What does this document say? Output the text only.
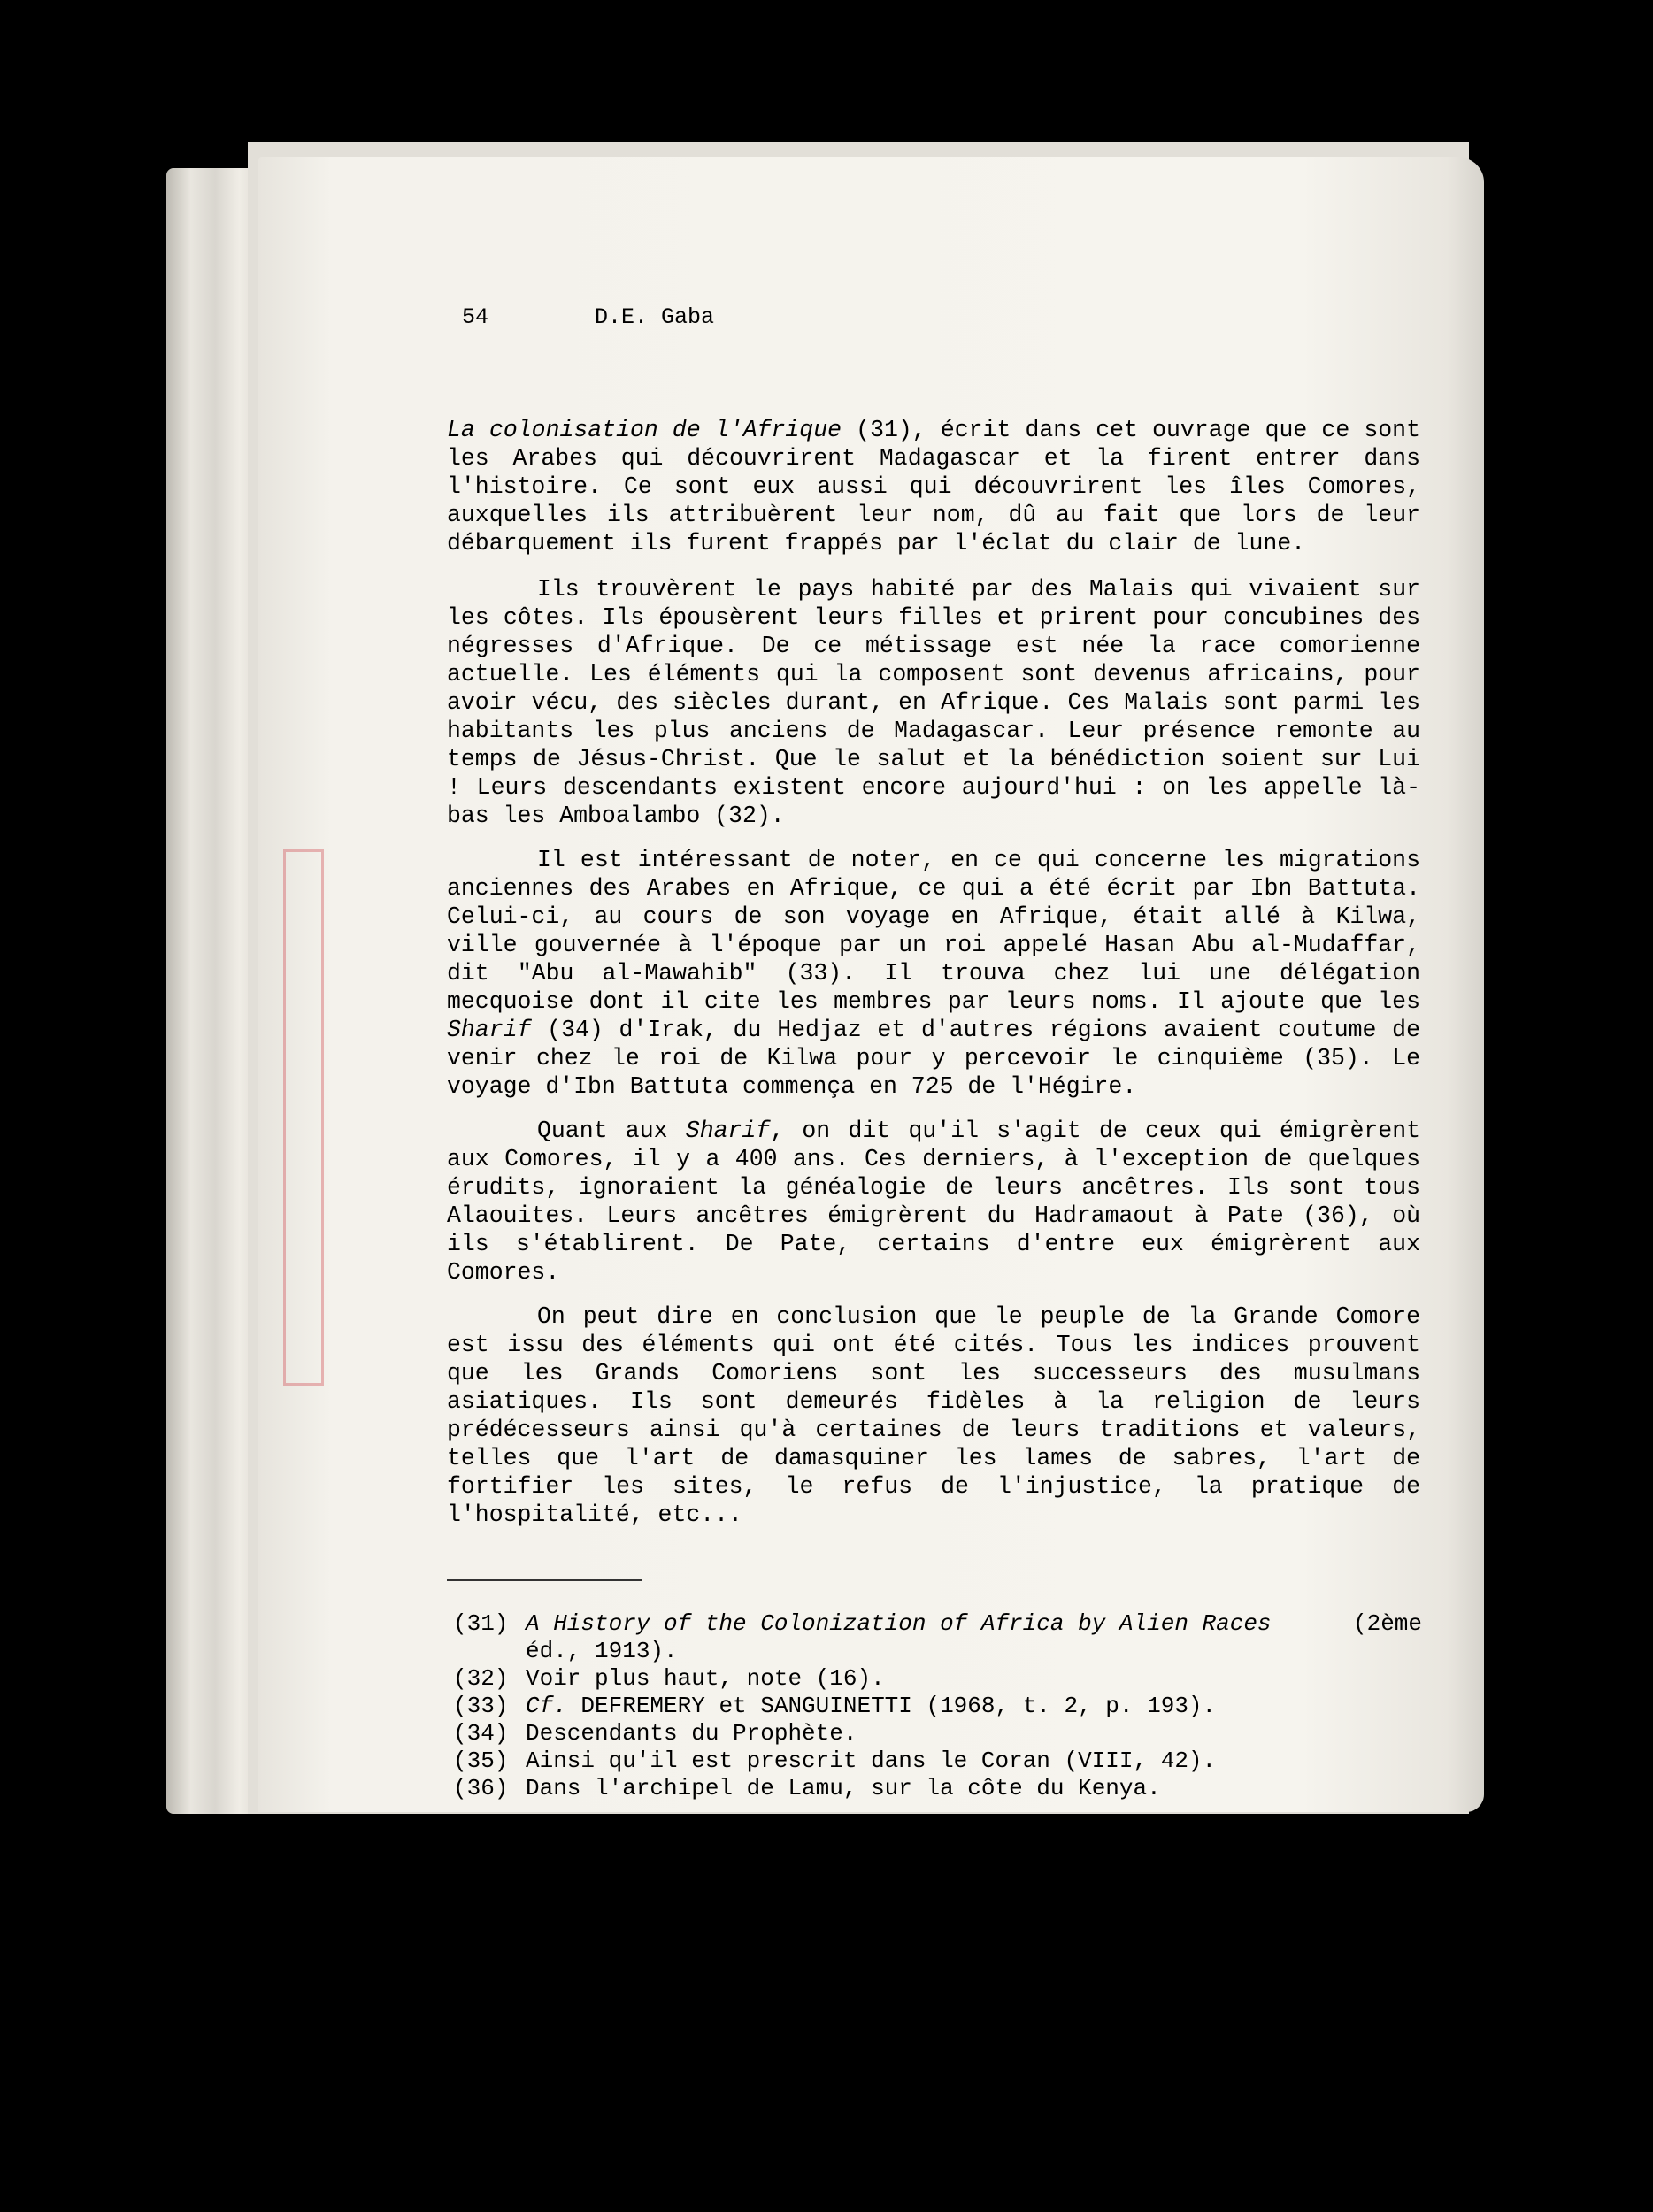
54	D.E. Gaba

La colonisation de l'Afrique (31), écrit dans cet ouvrage que ce sont les Arabes qui découvrirent Madagascar et la firent entrer dans l'histoire. Ce sont eux aussi qui découvrirent les îles Comores, auxquelles ils attribuèrent leur nom, dû au fait que lors de leur débarquement ils furent frappés par l'éclat du clair de lune.

Ils trouvèrent le pays habité par des Malais qui vivaient sur les côtes. Ils épousèrent leurs filles et prirent pour concubines des négresses d'Afrique. De ce métissage est née la race comorienne actuelle. Les éléments qui la composent sont devenus africains, pour avoir vécu, des siècles durant, en Afrique. Ces Malais sont parmi les habitants les plus anciens de Madagascar. Leur présence remonte au temps de Jésus-Christ. Que le salut et la bénédiction soient sur Lui ! Leurs descendants existent encore aujourd'hui : on les appelle là-bas les Amboalambo (32).

Il est intéressant de noter, en ce qui concerne les migrations anciennes des Arabes en Afrique, ce qui a été écrit par Ibn Battuta. Celui-ci, au cours de son voyage en Afrique, était allé à Kilwa, ville gouvernée à l'époque par un roi appelé Hasan Abu al-Mudaffar, dit "Abu al-Mawahib" (33). Il trouva chez lui une délégation mecquoise dont il cite les membres par leurs noms. Il ajoute que les Sharif (34) d'Irak, du Hedjaz et d'autres régions avaient coutume de venir chez le roi de Kilwa pour y percevoir le cinquième (35). Le voyage d'Ibn Battuta commença en 725 de l'Hégire.

Quant aux Sharif, on dit qu'il s'agit de ceux qui émigrèrent aux Comores, il y a 400 ans. Ces derniers, à l'exception de quelques érudits, ignoraient la généalogie de leurs ancêtres. Ils sont tous Alaouites. Leurs ancêtres émigrèrent du Hadramaout à Pate (36), où ils s'établirent. De Pate, certains d'entre eux émigrèrent aux Comores.

On peut dire en conclusion que le peuple de la Grande Comore est issu des éléments qui ont été cités. Tous les indices prouvent que les Grands Comoriens sont les successeurs des musulmans asiatiques. Ils sont demeurés fidèles à la religion de leurs prédécesseurs ainsi qu'à certaines de leurs traditions et valeurs, telles que l'art de damasquiner les lames de sabres, l'art de fortifier les sites, le refus de l'injustice, la pratique de l'hospitalité, etc...

(31)	(2ème
A History of the Colonization of Africa by Alien Races
éd., 1913).
(32) Voir plus haut, note (16).
(33) Cf. DEFREMERY et SANGUINETTI (1968, t. 2, p. 193).
(34) Descendants du Prophète.
(35) Ainsi qu'il est prescrit dans le Coran (VIII, 42).
(36) Dans l'archipel de Lamu, sur la côte du Kenya.
